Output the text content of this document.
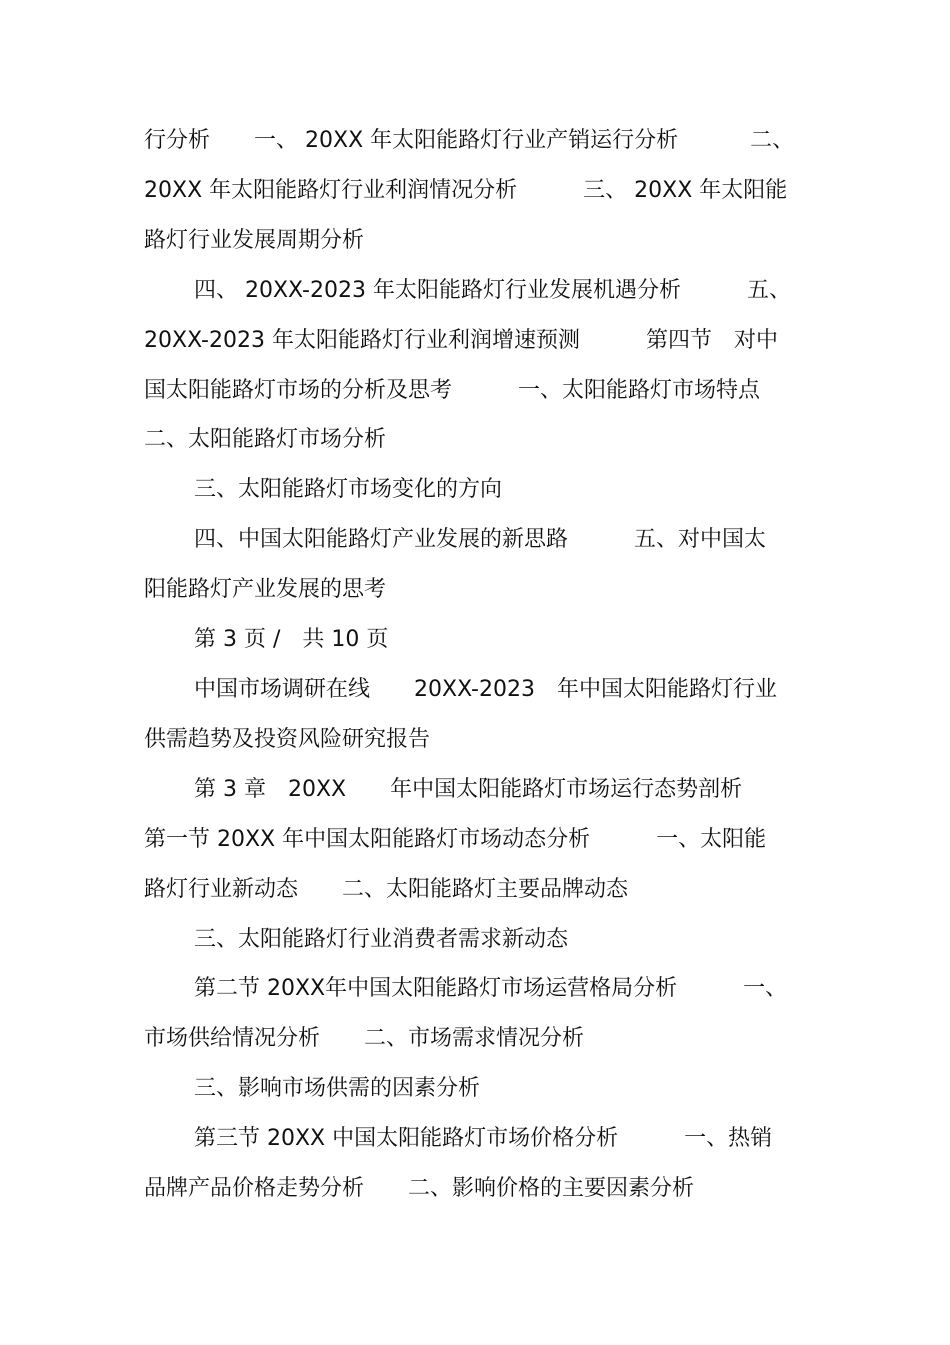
行分析 一、 20XX 年太阳能路灯行业产销运行分析	二、

20XX 年太阳能路灯行业利润情况分析	三、 20XX 年太阳能

路灯行业发展周期分析

四、 20XX-2023 年太阳能路灯行业发展机遇分析	五、

20XX-2023 年太阳能路灯行业利润增速预测	第四节 对中

国太阳能路灯市场的分析及思考	一、太阳能路灯市场特点

二、太阳能路灯市场分析

三、太阳能路灯市场变化的方向

四、中国太阳能路灯产业发展的新思路	五、对中国太

阳能路灯产业发展的思考

第 3 页 / 共 10 页

中国市场调研在线 20XX-2023 年中国太阳能路灯行业

供需趋势及投资风险研究报告

第 3 章 20XX 年中国太阳能路灯市场运行态势剖析

第一节 20XX 年中国太阳能路灯市场动态分析	一、太阳能

路灯行业新动态 二、太阳能路灯主要品牌动态

三、太阳能路灯行业消费者需求新动态

第二节 20XX年中国太阳能路灯市场运营格局分析	一、

市场供给情况分析 二、市场需求情况分析

三、影响市场供需的因素分析

第三节 20XX 中国太阳能路灯市场价格分析	一、热销

品牌产品价格走势分析 二、影响价格的主要因素分析
